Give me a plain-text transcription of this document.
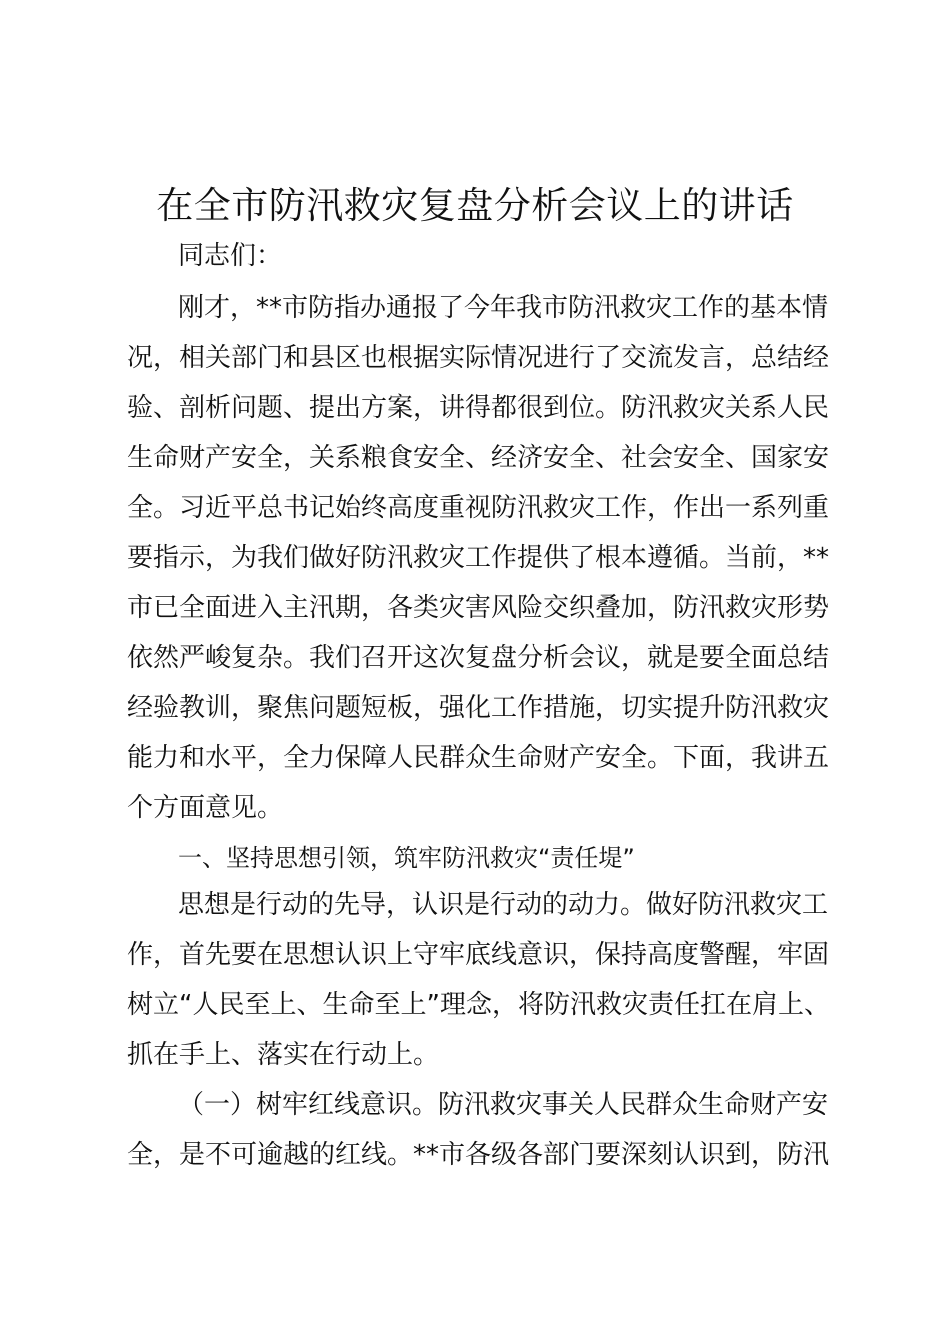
在全市防汛救灾复盘分析会议上的讲话
同志们：
刚才，**市防指办通报了今年我市防汛救灾工作的基本情
况，相关部门和县区也根据实际情况进行了交流发言，总结经
验、剖析问题、提出方案，讲得都很到位。防汛救灾关系人民
生命财产安全，关系粮食安全、经济安全、社会安全、国家安
全。习近平总书记始终高度重视防汛救灾工作，作出一系列重
要指示，为我们做好防汛救灾工作提供了根本遵循。当前，**
市已全面进入主汛期，各类灾害风险交织叠加，防汛救灾形势
依然严峻复杂。我们召开这次复盘分析会议，就是要全面总结
经验教训，聚焦问题短板，强化工作措施，切实提升防汛救灾
能力和水平，全力保障人民群众生命财产安全。下面，我讲五
个方面意见。
一、坚持思想引领，筑牢防汛救灾“责任堤”
思想是行动的先导，认识是行动的动力。做好防汛救灾工
作，首先要在思想认识上守牢底线意识，保持高度警醒，牢固
树立“人民至上、生命至上”理念，将防汛救灾责任扛在肩上、
抓在手上、落实在行动上。
（一）树牢红线意识。防汛救灾事关人民群众生命财产安
全，是不可逾越的红线。**市各级各部门要深刻认识到，防汛
